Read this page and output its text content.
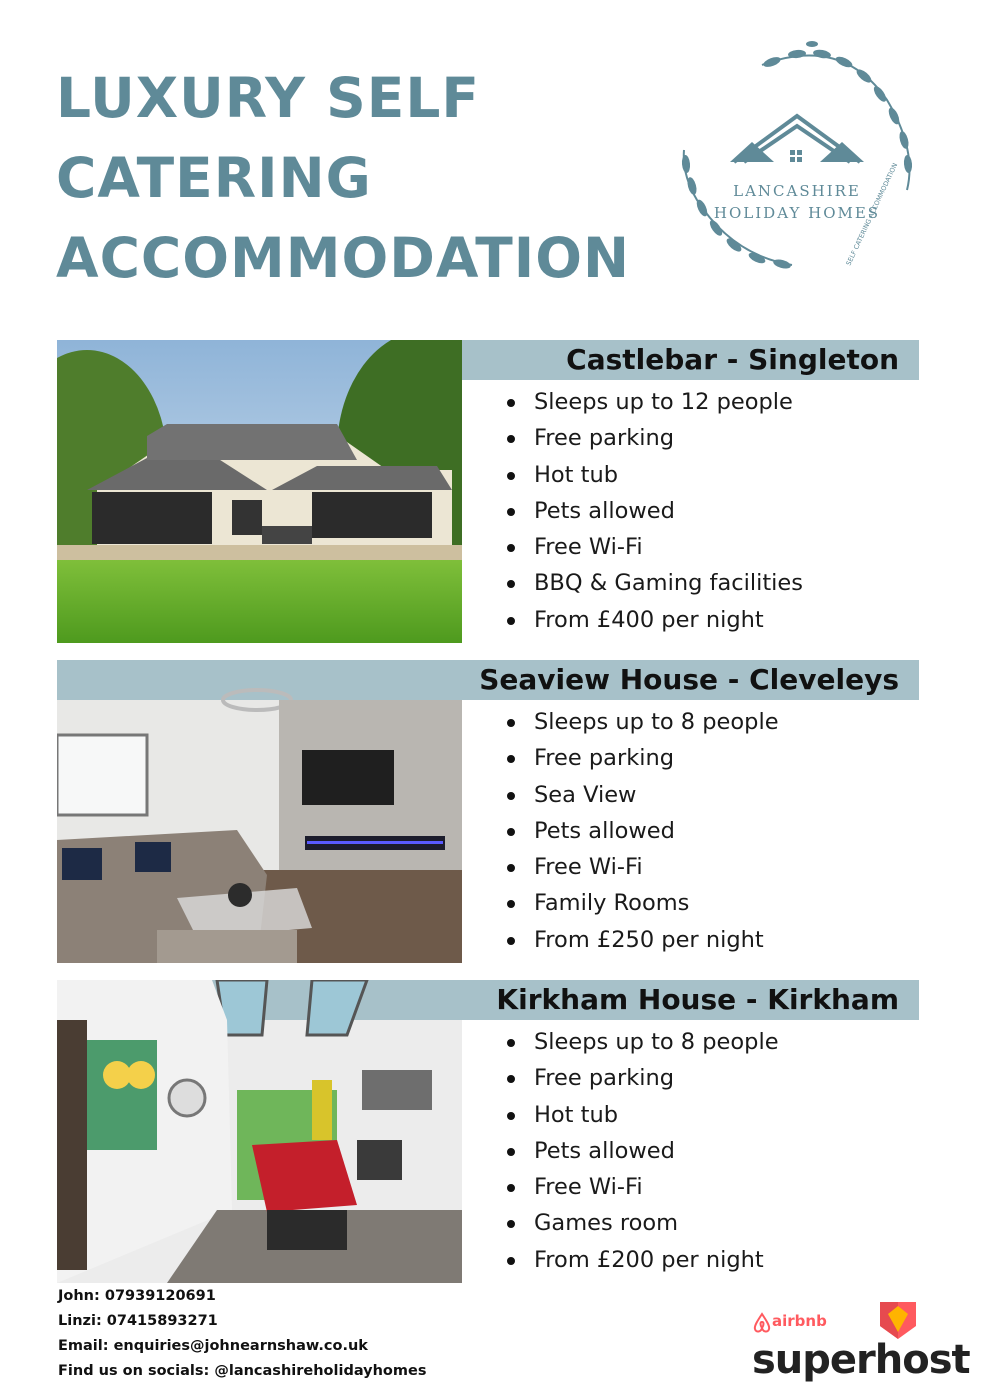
LUXURY SELF
CATERING
ACCOMMODATION
LANCASHIRE
HOLIDAY HOMES
SELF CATERING ACCOMMODATION
Castlebar - Singleton
Sleeps up to 12 people
Free parking
Hot tub
Pets allowed
Free Wi-Fi
BBQ & Gaming facilities
From £400 per night
Seaview House - Cleveleys
Sleeps up to 8 people
Free parking
Sea View
Pets allowed
Free Wi-Fi
Family Rooms
From £250 per night
Kirkham House - Kirkham
Sleeps up to 8 people
Free parking
Hot tub
Pets allowed
Free Wi-Fi
Games room
From £200 per night
John: 07939120691
Linzi: 07415893271
Email: enquiries@johnearnshaw.co.uk
Find us on socials: @lancashireholidayhomes
airbnb
superhost
